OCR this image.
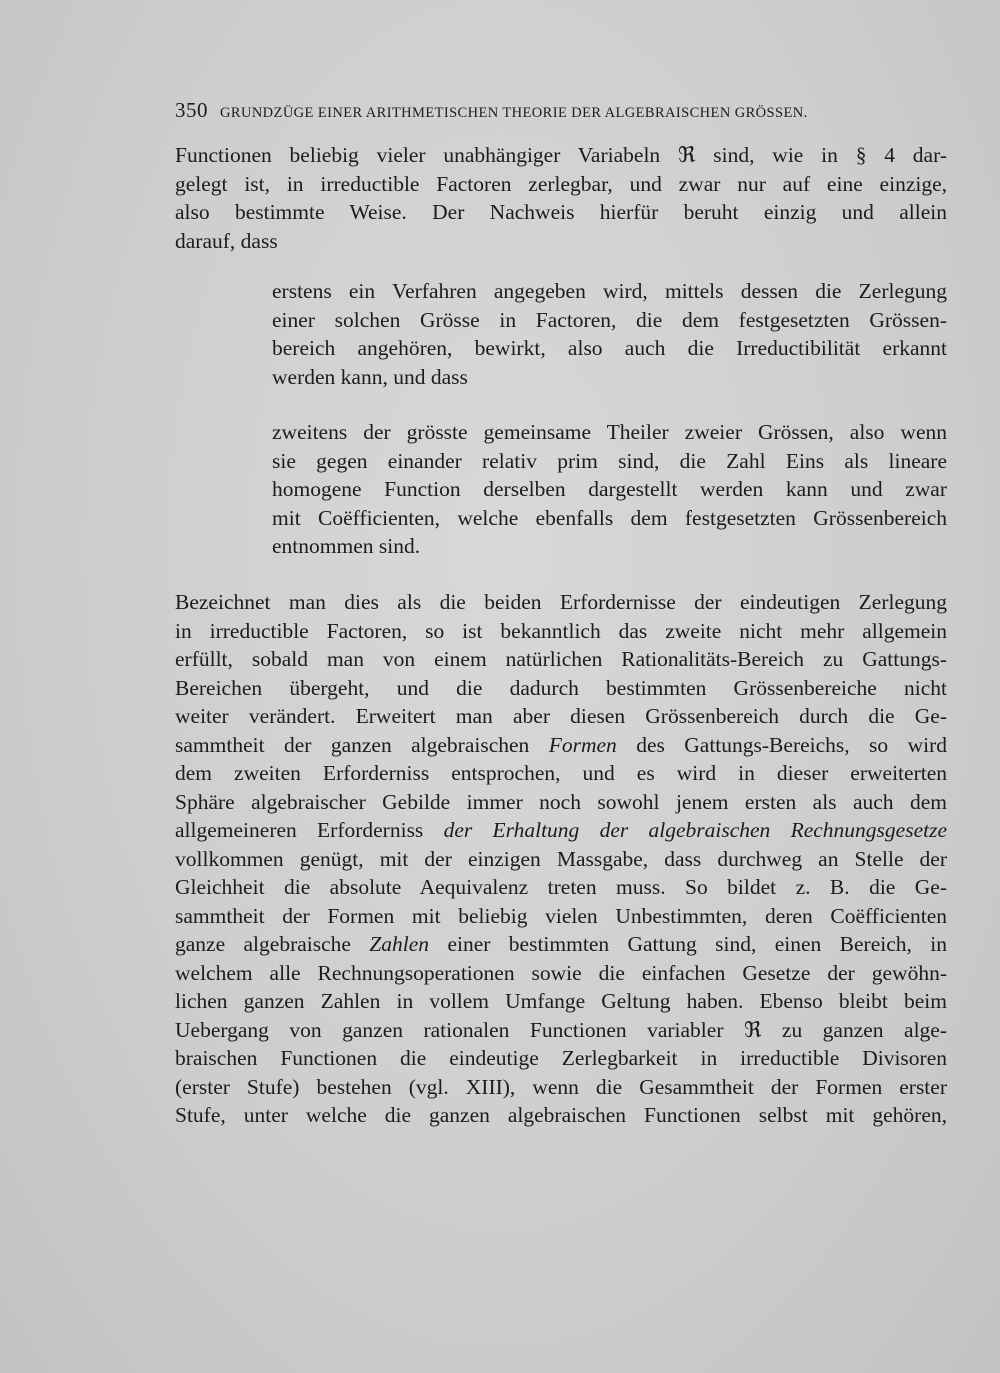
350 GRUNDZÜGE EINER ARITHMETISCHEN THEORIE DER ALGEBRAISCHEN GRÖSSEN.
Functionen beliebig vieler unabhängiger Variabeln ℜ sind, wie in § 4 dar-
gelegt ist, in irreductible Factoren zerlegbar, und zwar nur auf eine einzige,
also bestimmte Weise. Der Nachweis hierfür beruht einzig und allein
darauf, dass
erstens ein Verfahren angegeben wird, mittels dessen die Zerlegung
einer solchen Grösse in Factoren, die dem festgesetzten Grössen-
bereich angehören, bewirkt, also auch die Irreductibilität erkannt
werden kann, und dass
zweitens der grösste gemeinsame Theiler zweier Grössen, also wenn
sie gegen einander relativ prim sind, die Zahl Eins als lineare
homogene Function derselben dargestellt werden kann und zwar
mit Coëfficienten, welche ebenfalls dem festgesetzten Grössenbereich
entnommen sind.
Bezeichnet man dies als die beiden Erfordernisse der eindeutigen Zerlegung
in irreductible Factoren, so ist bekanntlich das zweite nicht mehr allgemein
erfüllt, sobald man von einem natürlichen Rationalitäts-Bereich zu Gattungs-
Bereichen übergeht, und die dadurch bestimmten Grössenbereiche nicht
weiter verändert. Erweitert man aber diesen Grössenbereich durch die Ge-
sammtheit der ganzen algebraischen Formen des Gattungs-Bereichs, so wird
dem zweiten Erforderniss entsprochen, und es wird in dieser erweiterten
Sphäre algebraischer Gebilde immer noch sowohl jenem ersten als auch dem
allgemeineren Erforderniss der Erhaltung der algebraischen Rechnungsgesetze
vollkommen genügt, mit der einzigen Massgabe, dass durchweg an Stelle der
Gleichheit die absolute Aequivalenz treten muss. So bildet z. B. die Ge-
sammtheit der Formen mit beliebig vielen Unbestimmten, deren Coëfficienten
ganze algebraische Zahlen einer bestimmten Gattung sind, einen Bereich, in
welchem alle Rechnungsoperationen sowie die einfachen Gesetze der gewöhn-
lichen ganzen Zahlen in vollem Umfange Geltung haben. Ebenso bleibt beim
Uebergang von ganzen rationalen Functionen variabler ℜ zu ganzen alge-
braischen Functionen die eindeutige Zerlegbarkeit in irreductible Divisoren
(erster Stufe) bestehen (vgl. XIII), wenn die Gesammtheit der Formen erster
Stufe, unter welche die ganzen algebraischen Functionen selbst mit gehören,
